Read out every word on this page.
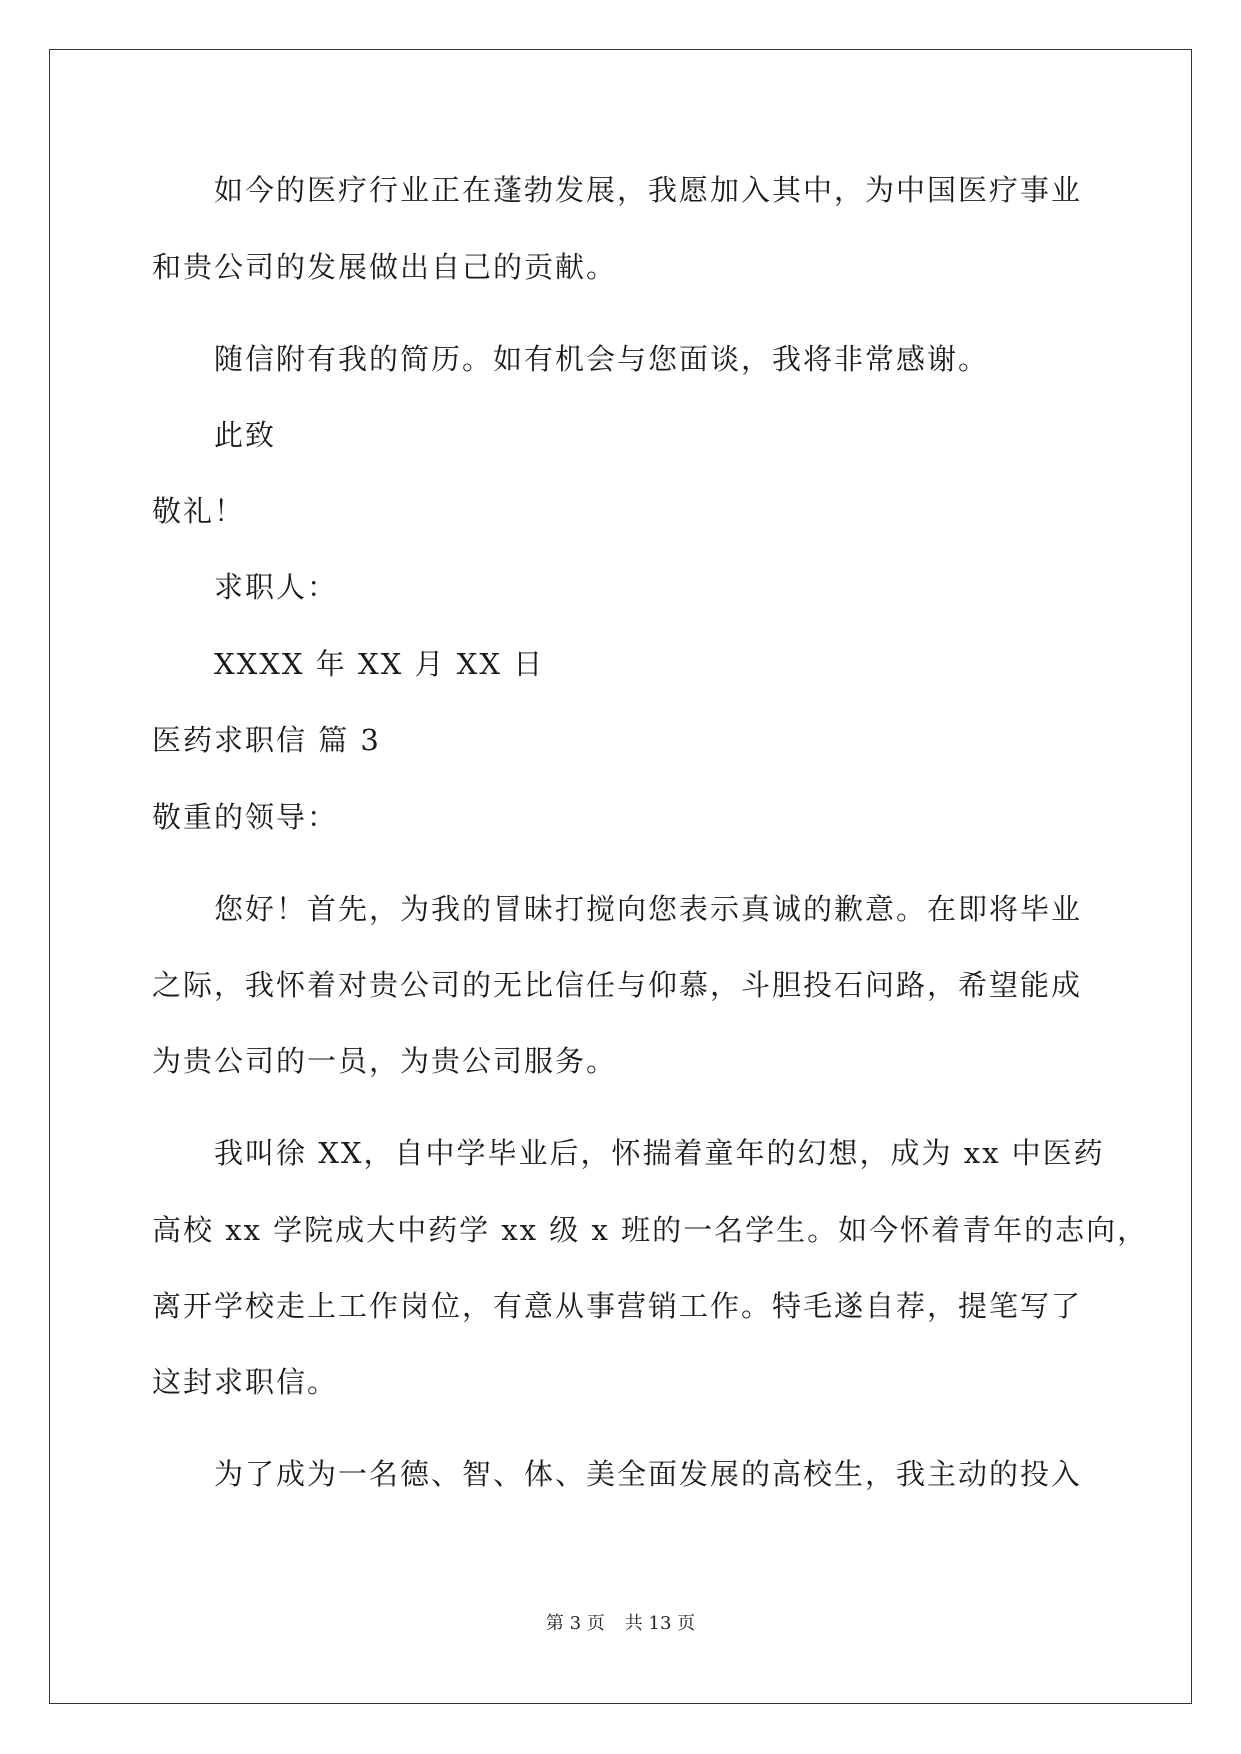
如今的医疗行业正在蓬勃发展，我愿加入其中，为中国医疗事业
和贵公司的发展做出自己的贡献。
随信附有我的简历。如有机会与您面谈，我将非常感谢。
此致
敬礼！
求职人：
XXXX 年 XX 月 XX 日
医药求职信 篇 3
敬重的领导：
您好！首先，为我的冒昧打搅向您表示真诚的歉意。在即将毕业
之际，我怀着对贵公司的无比信任与仰慕，斗胆投石问路，希望能成
为贵公司的一员，为贵公司服务。
我叫徐 XX，自中学毕业后，怀揣着童年的幻想，成为 xx 中医药
高校 xx 学院成大中药学 xx 级 x 班的一名学生。如今怀着青年的志向，
离开学校走上工作岗位，有意从事营销工作。特毛遂自荐，提笔写了
这封求职信。
为了成为一名德、智、体、美全面发展的高校生，我主动的投入
第 3 页 共 13 页
